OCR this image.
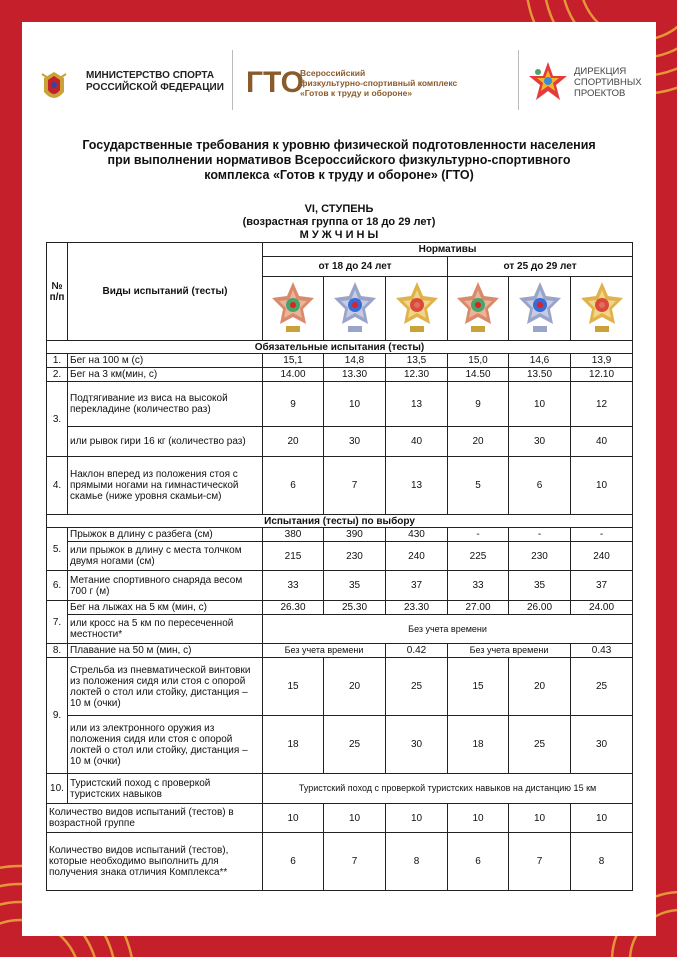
МИНИСТЕРСТВО СПОРТА
РОССИЙСКОЙ ФЕДЕРАЦИИ ГТО
Всероссийский
физкультурно-спортивный комплекс
«Готов к труду и обороне»
ДИРЕКЦИЯ
СПОРТИВНЫХ
ПРОЕКТОВ
Государственные требования к уровню физической подготовленности населения
при выполнении нормативов Всероссийского физкультурно-спортивного
комплекса «Готов к труду и обороне» (ГТО)
VI, СТУПЕНЬ
(возрастная группа от 18 до 29 лет)
М У Ж Ч И Н Ы
№ п/п	Виды испытаний (тесты)	Нормативы					
		от 18 до 24 лет			от 25 до 29 лет		

Обязательные испытания (тесты)							
1.	Бег на 100 м (с)	15,1	14,8	13,5	15,0	14,6	13,9
2.	Бег на 3 км(мин, с)	14.00	13.30	12.30	14.50	13.50	12.10
3.	Подтягивание из виса на высокой перекладине (количество раз)	9	10	13	9	10	12
	или рывок гири 16 кг (количество раз)	20	30	40	20	30	40
4.	Наклон вперед из положения стоя с прямыми ногами на гимнастической скамье (ниже уровня скамьи-см)	6	7	13	5	6	10
Испытания (тесты) по выбору							
5.	Прыжок в длину с разбега (см)	380	390	430	-	-	-
	или прыжок в длину с места толчком двумя ногами (см)	215	230	240	225	230	240
6.	Метание спортивного снаряда весом 700 г (м)	33	35	37	33	35	37
7.	Бег на лыжах на 5 км (мин, с)	26.30	25.30	23.30	27.00	26.00	24.00
	или кросс на 5 км по пересеченной местности*	Без учета времени					
8.	Плавание на 50 м (мин, с)	Без учета времени		0.42	Без учета времени		0.43
9.	Стрельба из пневматической винтовки из положения сидя или стоя с опорой локтей о стол или стойку, дистанция – 10 м (очки)	15	20	25	15	20	25
	или из электронного оружия из положения сидя или стоя с опорой локтей о стол или стойку, дистанция – 10 м (очки)	18	25	30	18	25	30
10.	Туристский поход с проверкой туристских навыков	Туристский поход с проверкой туристских навыков на дистанцию 15 км					
Количество видов испытаний (тестов) в возрастной группе		10	10	10	10	10	10
Количество видов испытаний (тестов), которые необходимо выполнить для получения знака отличия Комплекса**		6	7	8	6	7	8
